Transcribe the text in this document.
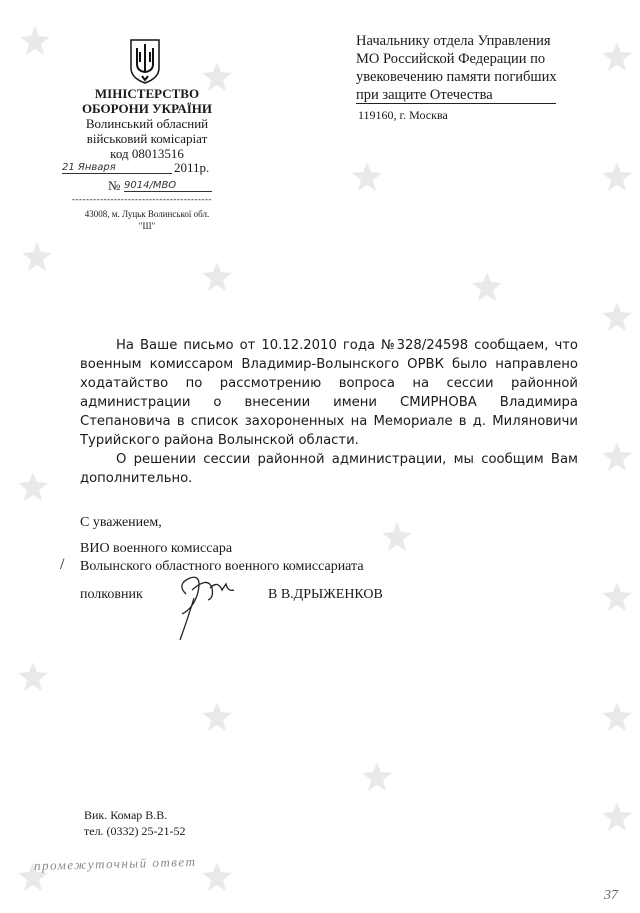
МІНІСТЕРСТВО
ОБОРОНИ УКРАЇНИ
Волинський обласний
військовий комісаріат
код 08013516
21 Января	2011р.
№ 9014/МВО
----------------------------------------
43008, м. Луцьк Волинської обл.
"Ш"
Начальнику отдела Управления
МО Российской Федерации по
увековечению памяти погибших
при защите Отечества
119160, г. Москва

На Ваше письмо от 10.12.2010 года №328/24598 сообщаем, что военным комиссаром Владимир-Волынского ОРВК было направлено ходатайство по рассмотрению вопроса на сессии районной администрации о внесении имени СМИРНОВА Владимира Степановича в список захороненных на Мемориале в д. Миляновичи Турийского района Волынской области.

О решении сессии районной администрации, мы сообщим Вам дополнительно.

С уважением,
ВИО военного комиссара
/ Волынского областного военного комиссариата
полковник	В В.ДРЫЖЕНКОВ
Вик. Комар В.В.
тел. (0332) 25-21-52
промежуточный ответ
37
